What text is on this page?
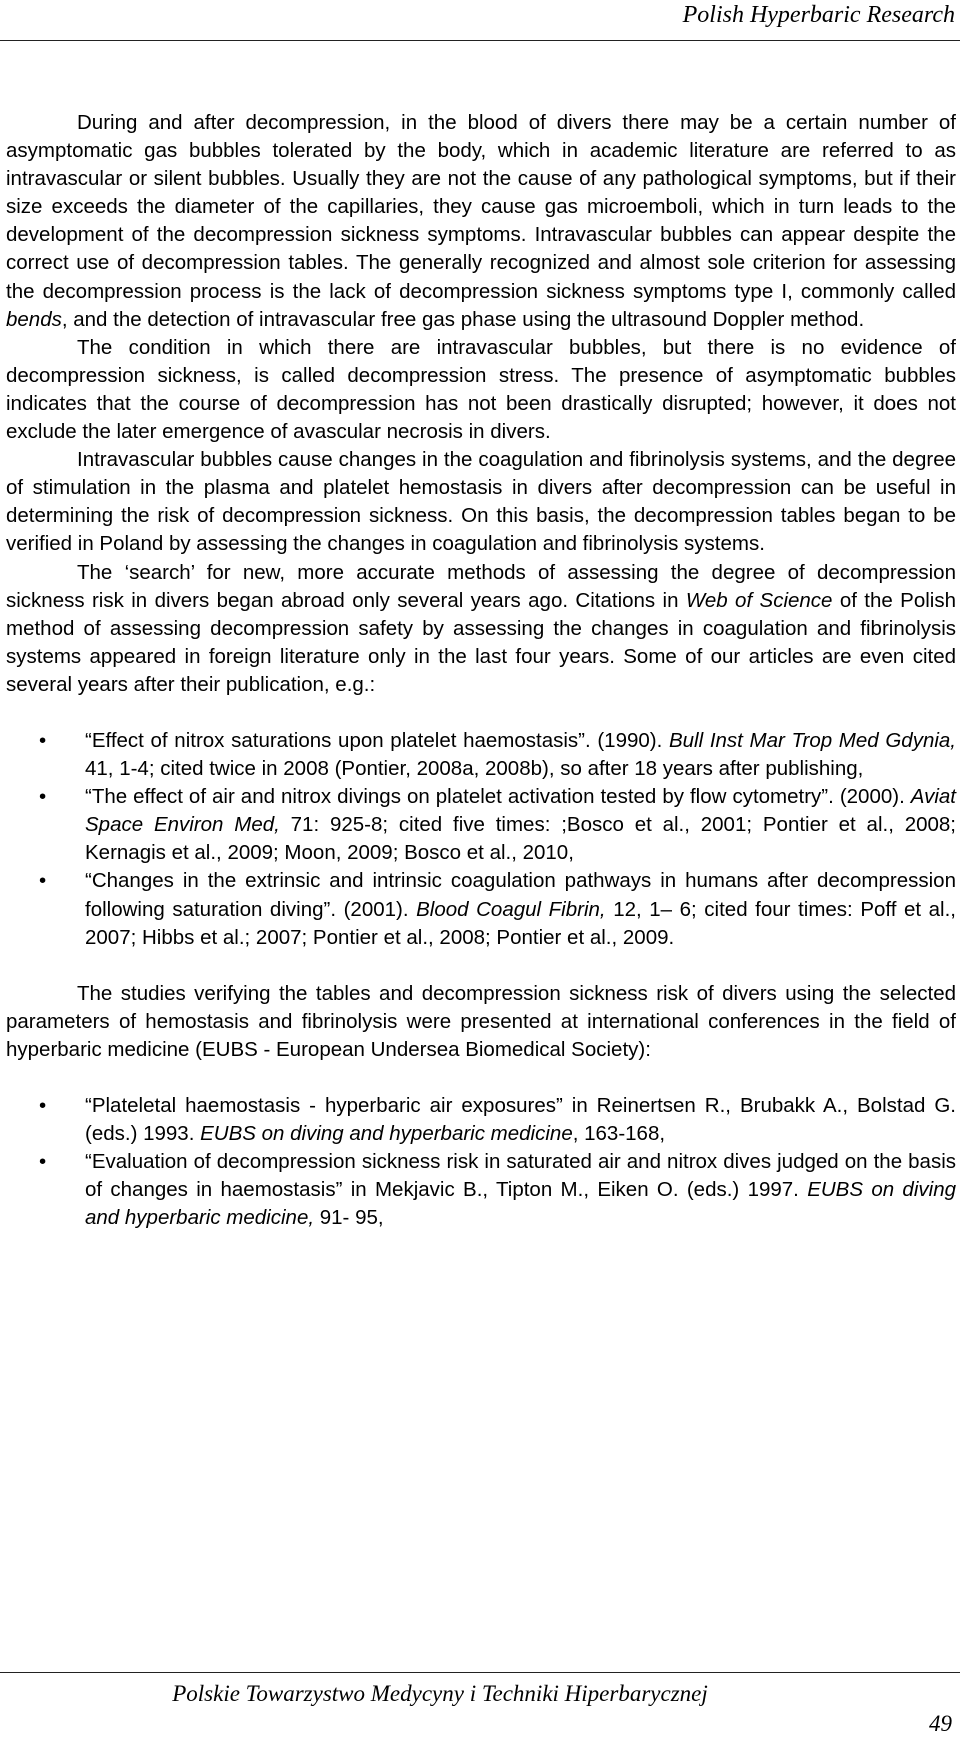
Polish Hyperbaric Research

During and after decompression, in the blood of divers there may be a certain number of asymptomatic gas bubbles tolerated by the body, which in academic literature are referred to as intravascular or silent bubbles. Usually they are not the cause of any pathological symptoms, but if their size exceeds the diameter of the capillaries, they cause gas microemboli, which in turn leads to the development of the decompression sickness symptoms. Intravascular bubbles can appear despite the correct use of decompression tables. The generally recognized and almost sole criterion for assessing the decompression process is the lack of decompression sickness symptoms type I, commonly called bends, and the detection of intravascular free gas phase using the ultrasound Doppler method.

The condition in which there are intravascular bubbles, but there is no evidence of decompression sickness, is called decompression stress. The presence of asymptomatic bubbles indicates that the course of decompression has not been drastically disrupted; however, it does not exclude the later emergence of avascular necrosis in divers.

Intravascular bubbles cause changes in the coagulation and fibrinolysis systems, and the degree of stimulation in the plasma and platelet hemostasis in divers after decompression can be useful in determining the risk of decompression sickness. On this basis, the decompression tables began to be verified in Poland by assessing the changes in coagulation and fibrinolysis systems.

The ‘search’ for new, more accurate methods of assessing the degree of decompression sickness risk in divers began abroad only several years ago. Citations in Web of Science of the Polish method of assessing decompression safety by assessing the changes in coagulation and fibrinolysis systems appeared in foreign literature only in the last four years. Some of our articles are even cited several years after their publication, e.g.:

• “Effect of nitrox saturations upon platelet haemostasis”. (1990). Bull Inst Mar Trop Med Gdynia, 41, 1-4; cited twice in 2008 (Pontier, 2008a, 2008b), so after 18 years after publishing,
• “The effect of air and nitrox divings on platelet activation tested by flow cytometry”. (2000). Aviat Space Environ Med, 71: 925-8; cited five times: ;Bosco et al., 2001; Pontier et al., 2008; Kernagis et al., 2009; Moon, 2009; Bosco et al., 2010,
• “Changes in the extrinsic and intrinsic coagulation pathways in humans after decompression following saturation diving”. (2001). Blood Coagul Fibrin, 12, 1– 6; cited four times: Poff et al., 2007; Hibbs et al.; 2007; Pontier et al., 2008; Pontier et al., 2009.

The studies verifying the tables and decompression sickness risk of divers using the selected parameters of hemostasis and fibrinolysis were presented at international conferences in the field of hyperbaric medicine (EUBS - European Undersea Biomedical Society):

• “Plateletal haemostasis - hyperbaric air exposures” in Reinertsen R., Brubakk A., Bolstad G. (eds.) 1993. EUBS on diving and hyperbaric medicine, 163-168,
• “Evaluation of decompression sickness risk in saturated air and nitrox dives judged on the basis of changes in haemostasis” in Mekjavic B., Tipton M., Eiken O. (eds.) 1997. EUBS on diving and hyperbaric medicine, 91- 95,
Polskie Towarzystwo Medycyny i Techniki Hiperbarycznej
49
